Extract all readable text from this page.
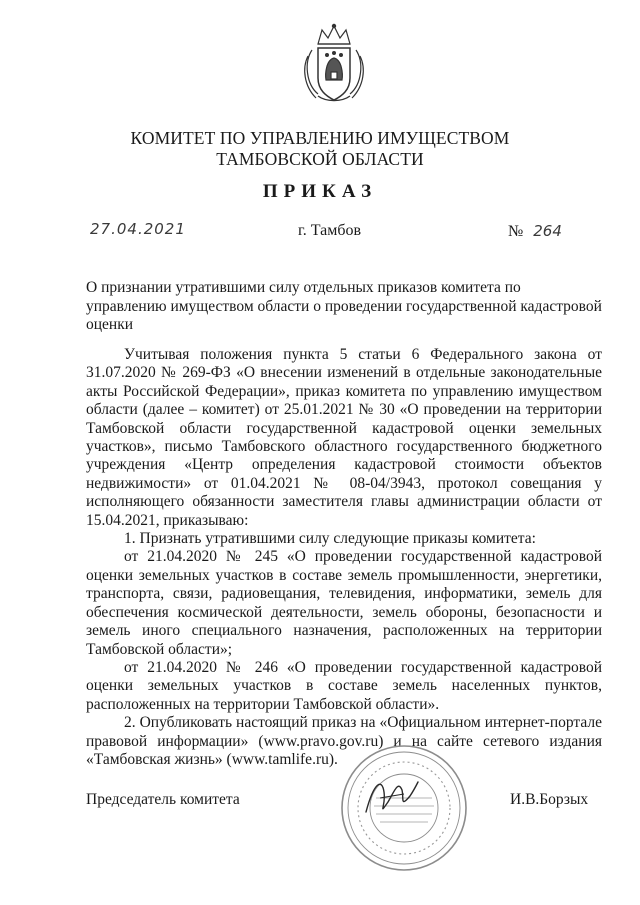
КОМИТЕТ ПО УПРАВЛЕНИЮ ИМУЩЕСТВОМ
ТАМБОВСКОЙ ОБЛАСТИ
ПРИКАЗ
27.04.2021	г. Тамбов	№ 264
О признании утратившими силу отдельных приказов комитета по управлению имуществом области о проведении государственной кадастровой оценки

Учитывая положения пункта 5 статьи 6 Федерального закона от 31.07.2020 № 269-ФЗ «О внесении изменений в отдельные законодательные акты Российской Федерации», приказ комитета по управлению имуществом области (далее – комитет) от 25.01.2021 № 30 «О проведении на территории Тамбовской области государственной кадастровой оценки земельных участков», письмо Тамбовского областного государственного бюджетного учреждения «Центр определения кадастровой стоимости объектов недвижимости» от 01.04.2021 № 08-04/3943, протокол совещания у исполняющего обязанности заместителя главы администрации области от 15.04.2021, приказываю:

1. Признать утратившими силу следующие приказы комитета:

от 21.04.2020 № 245 «О проведении государственной кадастровой оценки земельных участков в составе земель промышленности, энергетики, транспорта, связи, радиовещания, телевидения, информатики, земель для обеспечения космической деятельности, земель обороны, безопасности и земель иного специального назначения, расположенных на территории Тамбовской области»;

от 21.04.2020 № 246 «О проведении государственной кадастровой оценки земельных участков в составе земель населенных пунктов, расположенных на территории Тамбовской области».

2. Опубликовать настоящий приказ на «Официальном интернет-портале правовой информации» (www.pravo.gov.ru) и на сайте сетевого издания «Тамбовская жизнь» (www.tamlife.ru).

Председатель комитета	И.В.Борзых
